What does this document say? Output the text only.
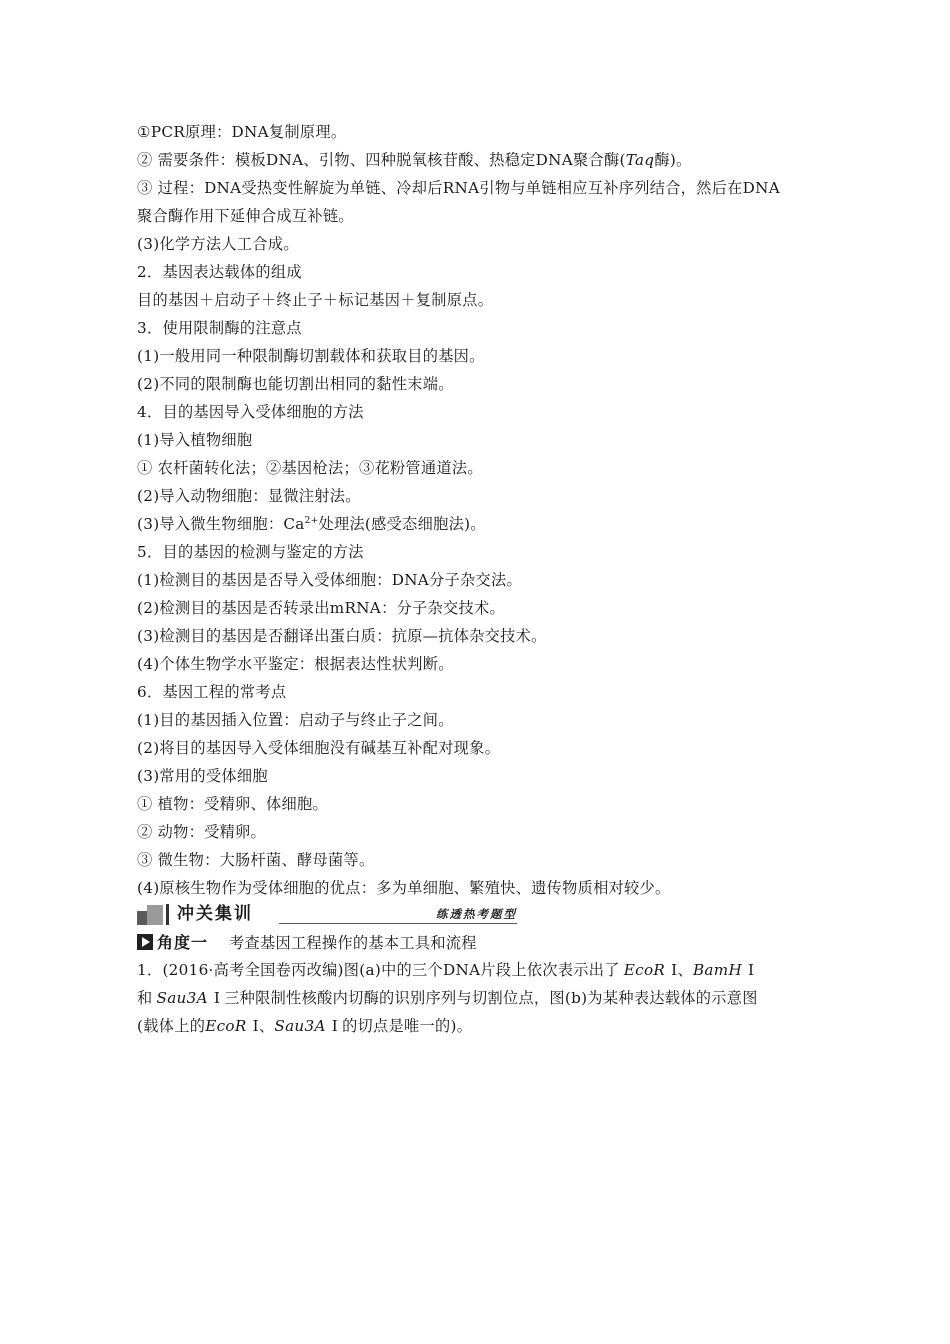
①PCR原理：DNA复制原理。
② 需要条件：模板DNA、引物、四种脱氧核苷酸、热稳定DNA聚合酶(Taq酶)。
③ 过程：DNA受热变性解旋为单链、冷却后RNA引物与单链相应互补序列结合，然后在DNA
聚合酶作用下延伸合成互补链。
(3)化学方法人工合成。
2．基因表达载体的组成
目的基因＋启动子＋终止子＋标记基因＋复制原点。
3．使用限制酶的注意点
(1)一般用同一种限制酶切割载体和获取目的基因。
(2)不同的限制酶也能切割出相同的黏性末端。
4．目的基因导入受体细胞的方法
(1)导入植物细胞
① 农杆菌转化法；②基因枪法；③花粉管通道法。
(2)导入动物细胞：显微注射法。
(3)导入微生物细胞：$Ca^{2+}$处理法(感受态细胞法)。
5．目的基因的检测与鉴定的方法
(1)检测目的基因是否导入受体细胞：DNA分子杂交法。
(2)检测目的基因是否转录出mRNA：分子杂交技术。
(3)检测目的基因是否翻译出蛋白质：抗原—抗体杂交技术。
(4)个体生物学水平鉴定：根据表达性状判断。
6．基因工程的常考点
(1)目的基因插入位置：启动子与终止子之间。
(2)将目的基因导入受体细胞没有碱基互补配对现象。
(3)常用的受体细胞
① 植物：受精卵、体细胞。
② 动物：受精卵。
③ 微生物：大肠杆菌、酵母菌等。
(4)原核生物作为受体细胞的优点：多为单细胞、繁殖快、遗传物质相对较少。
冲关集训	练透热考题型
角度一 考查基因工程操作的基本工具和流程
1．(2016·高考全国卷丙改编)图(a)中的三个DNA片段上依次表示出了 EcoR Ⅰ、BamH Ⅰ
和 Sau3A Ⅰ 三种限制性核酸内切酶的识别序列与切割位点，图(b)为某种表达载体的示意图
(载体上的EcoR Ⅰ、Sau3A Ⅰ 的切点是唯一的)。
